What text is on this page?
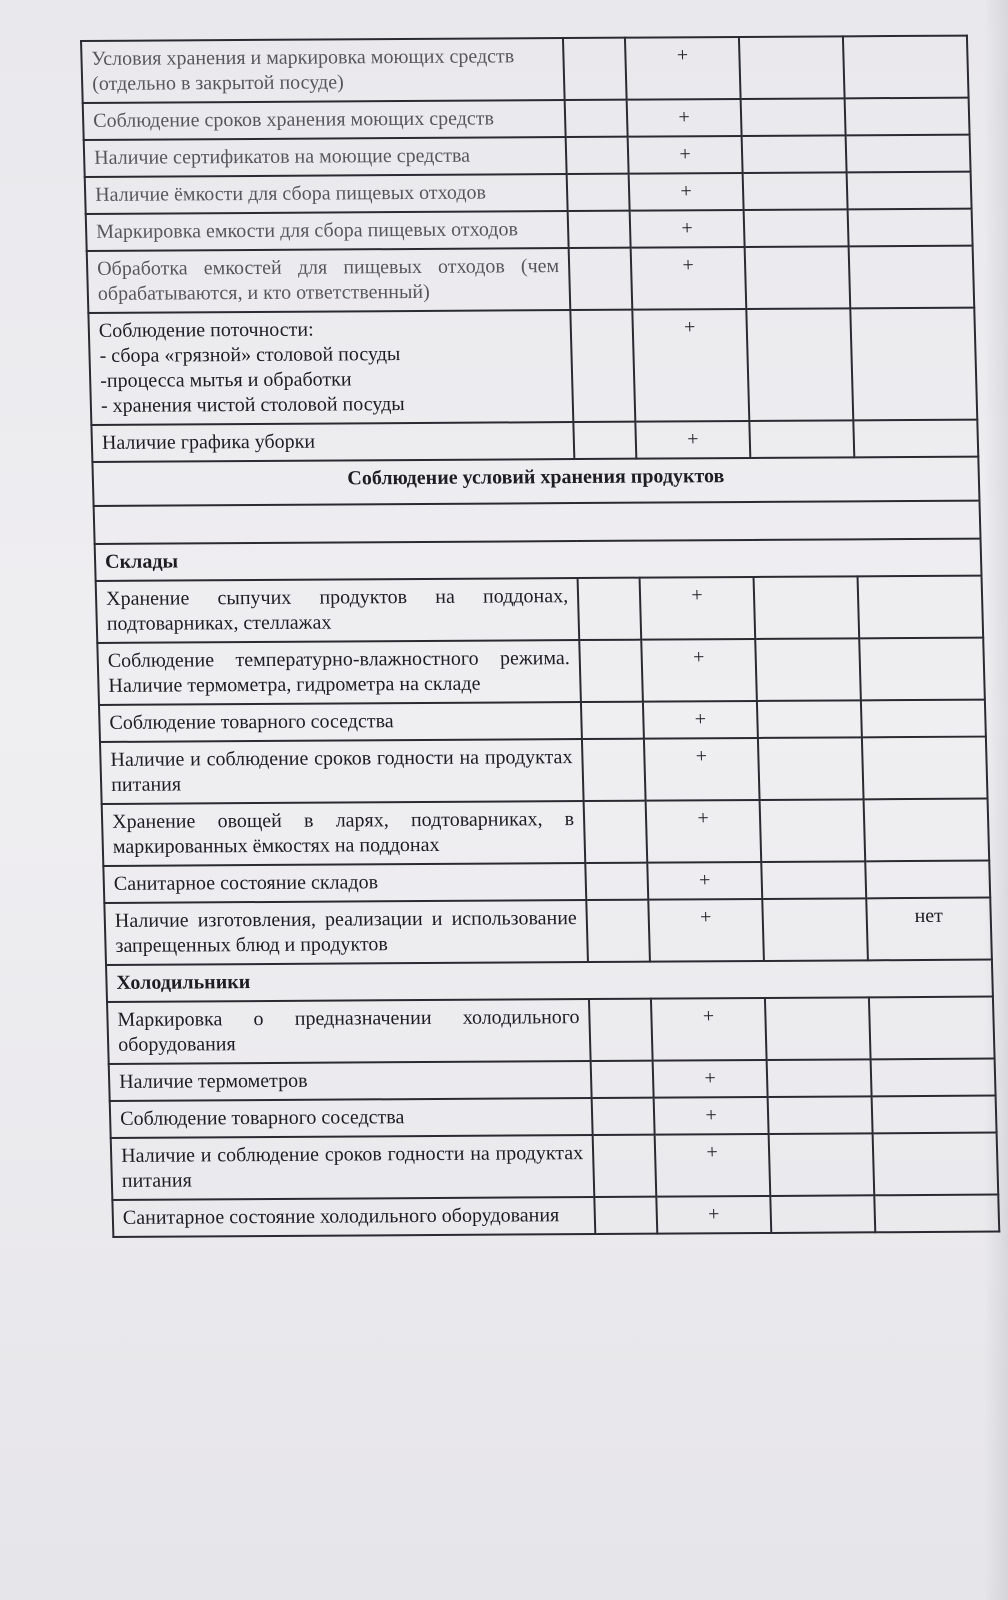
Условия хранения и маркировка моющих средств
(отдельно в закрытой посуде)		+		
Соблюдение сроков хранения моющих средств		+		
Наличие сертификатов на моющие средства		+		
Наличие ёмкости для сбора пищевых отходов		+		
Маркировка емкости для сбора пищевых отходов		+		
Обработка емкостей для пищевых отходов (чем обрабатываются, и кто ответственный)		+		
Соблюдение поточности:
- сбора «грязной» столовой посуды
-процесса мытья и обработки
- хранения чистой столовой посуды		+		
Наличие графика уборки		+		
Соблюдение условий хранения продуктов				

Склады				
Хранение сыпучих продуктов на поддонах, подтоварниках, стеллажах		+		
Соблюдение температурно-влажностного режима. Наличие термометра, гидрометра на складе		+		
Соблюдение товарного соседства		+		
Наличие и соблюдение сроков годности на продуктах питания		+		
Хранение овощей в ларях, подтоварниках, в маркированных ёмкостях на поддонах		+		
Санитарное состояние складов		+		
Наличие изготовления, реализации и использование запрещенных блюд и продуктов		+		нет
Холодильники				
Маркировка о предназначении холодильного оборудования		+		
Наличие термометров		+		
Соблюдение товарного соседства		+		
Наличие и соблюдение сроков годности на продуктах питания		+		
Санитарное состояние холодильного оборудования		+		
